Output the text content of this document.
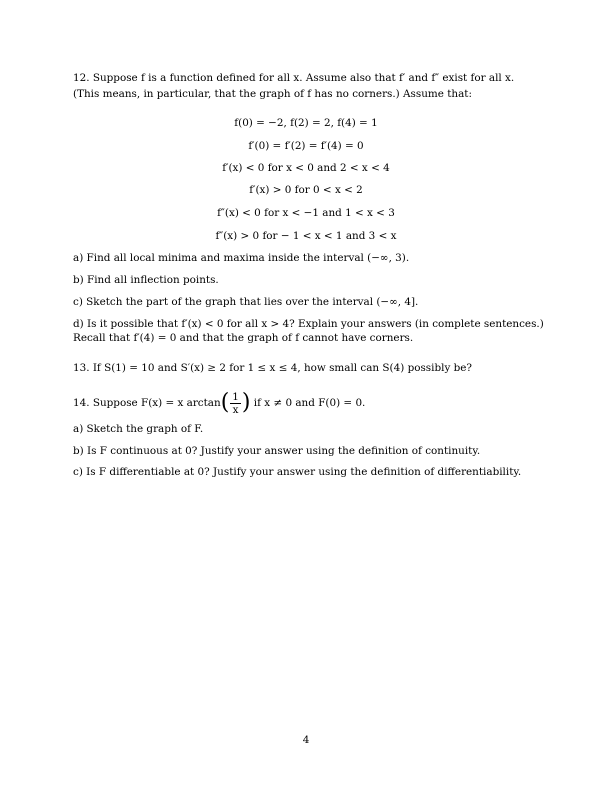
12. Suppose f is a function defined for all x. Assume also that f′ and f″ exist for all x.
(This means, in particular, that the graph of f has no corners.) Assume that:
f(0) = −2, f(2) = 2, f(4) = 1
f′(0) = f′(2) = f′(4) = 0
f′(x) < 0 for x < 0 and 2 < x < 4
f′(x) > 0 for 0 < x < 2
f″(x) < 0 for x < −1 and 1 < x < 3
f″(x) > 0 for − 1 < x < 1 and 3 < x
a) Find all local minima and maxima inside the interval (−∞, 3).
b) Find all inflection points.
c) Sketch the part of the graph that lies over the interval (−∞, 4].
d) Is it possible that f′(x) < 0 for all x > 4? Explain your answers (in complete sentences.)
Recall that f′(4) = 0 and that the graph of f cannot have corners.
13. If S(1) = 10 and S′(x) ≥ 2 for 1 ≤ x ≤ 4, how small can S(4) possibly be?
14. Suppose F(x) = x arctan ( $\frac{1}{x}$ ) if x ≠ 0 and F(0) = 0.
a) Sketch the graph of F.
b) Is F continuous at 0? Justify your answer using the definition of continuity.
c) Is F differentiable at 0? Justify your answer using the definition of differentiability.
4
